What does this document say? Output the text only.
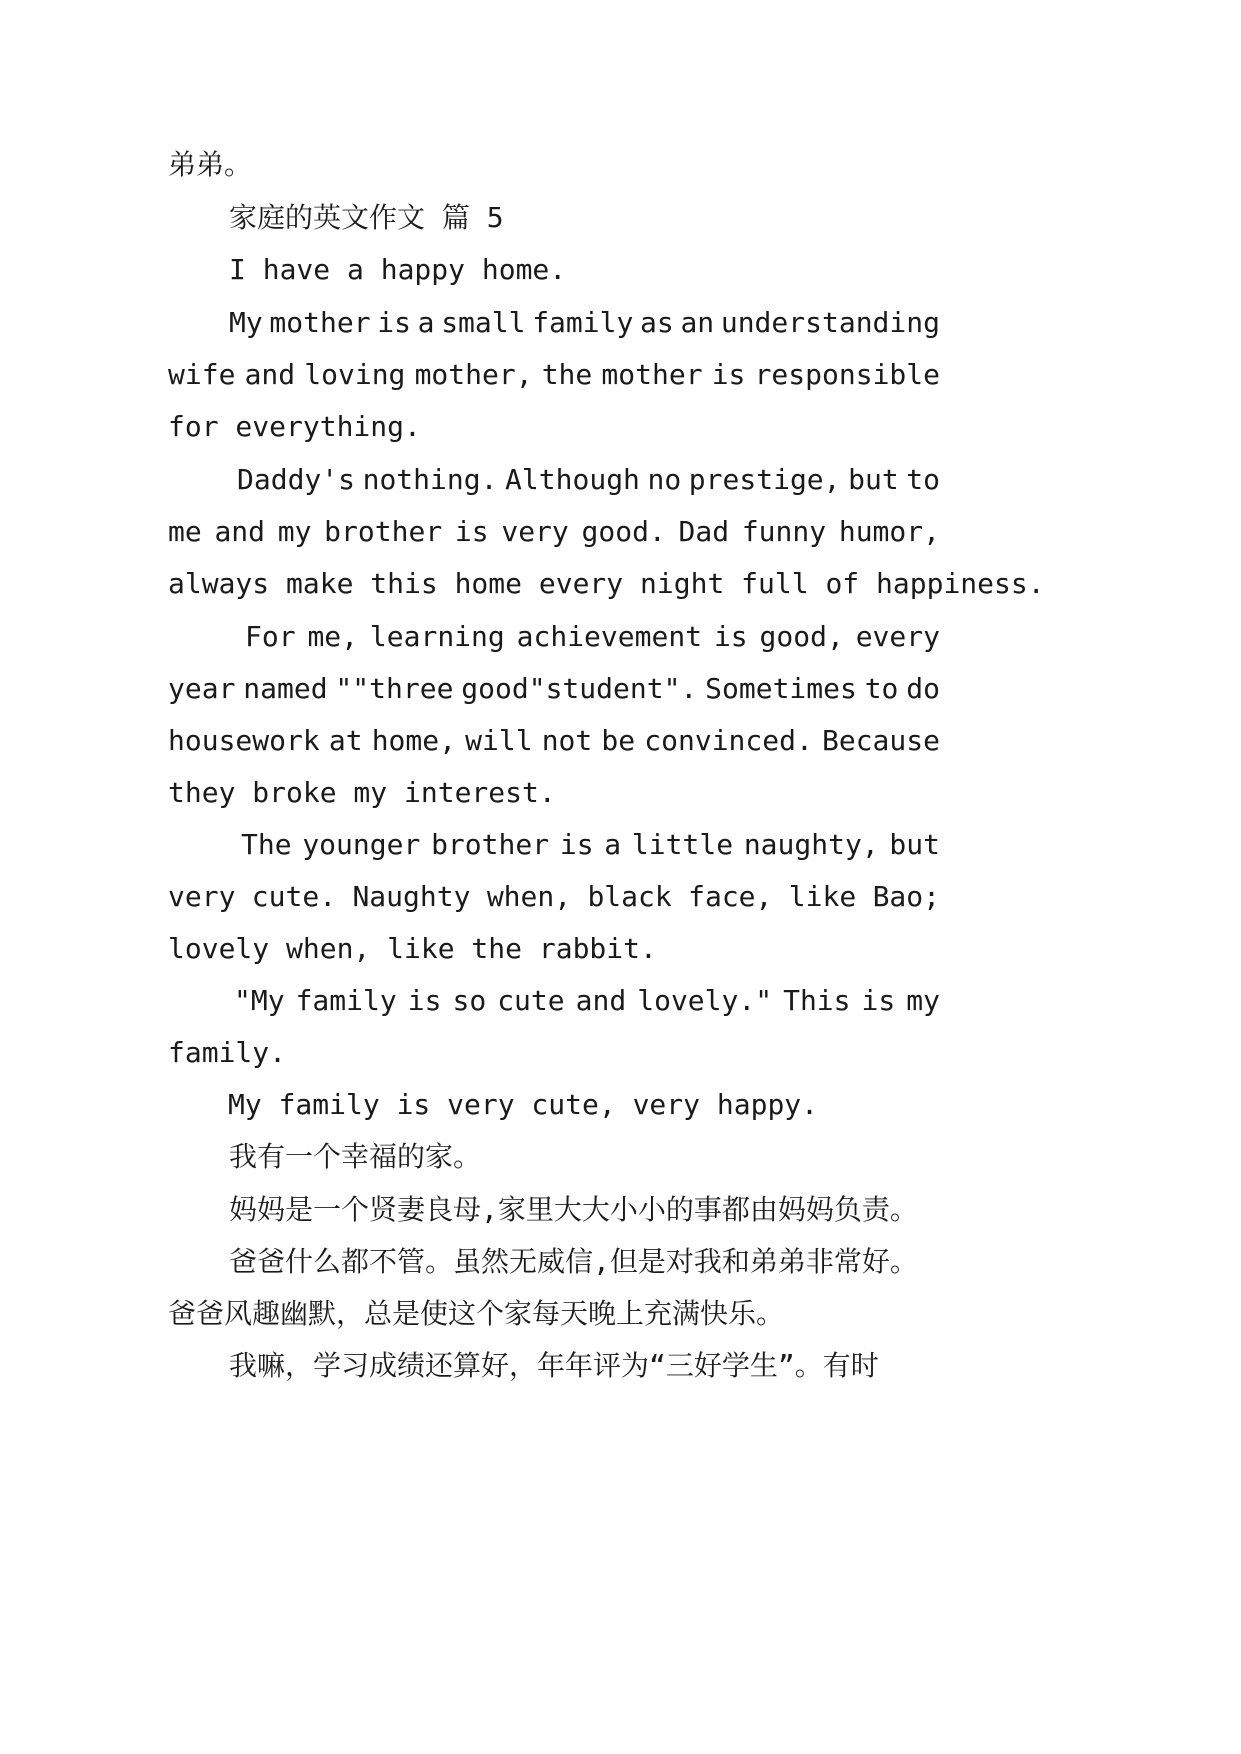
弟弟。
家庭的英文作文 篇 5
I have a happy home.
My mother is a small family as an understanding
wife and loving mother, the mother is responsible
for everything.
Daddy's nothing. Although no prestige, but to
me and my brother is very good. Dad funny humor,
always make this home every night full of happiness.
For me, learning achievement is good, every
year named ""three good"student". Sometimes to do
housework at home, will not be convinced. Because
they broke my interest.
The younger brother is a little naughty, but
very cute. Naughty when, black face, like Bao;
lovely when, like the rabbit.
"My family is so cute and lovely." This is my
family.
My family is very cute, very happy.
我有一个幸福的家。
妈妈是一个贤妻良母,家里大大小小的事都由妈妈负责。
爸爸什么都不管。虽然无威信,但是对我和弟弟非常好。
爸爸风趣幽默，总是使这个家每天晚上充满快乐。
我嘛，学习成绩还算好，年年评为“三好学生”。有时
